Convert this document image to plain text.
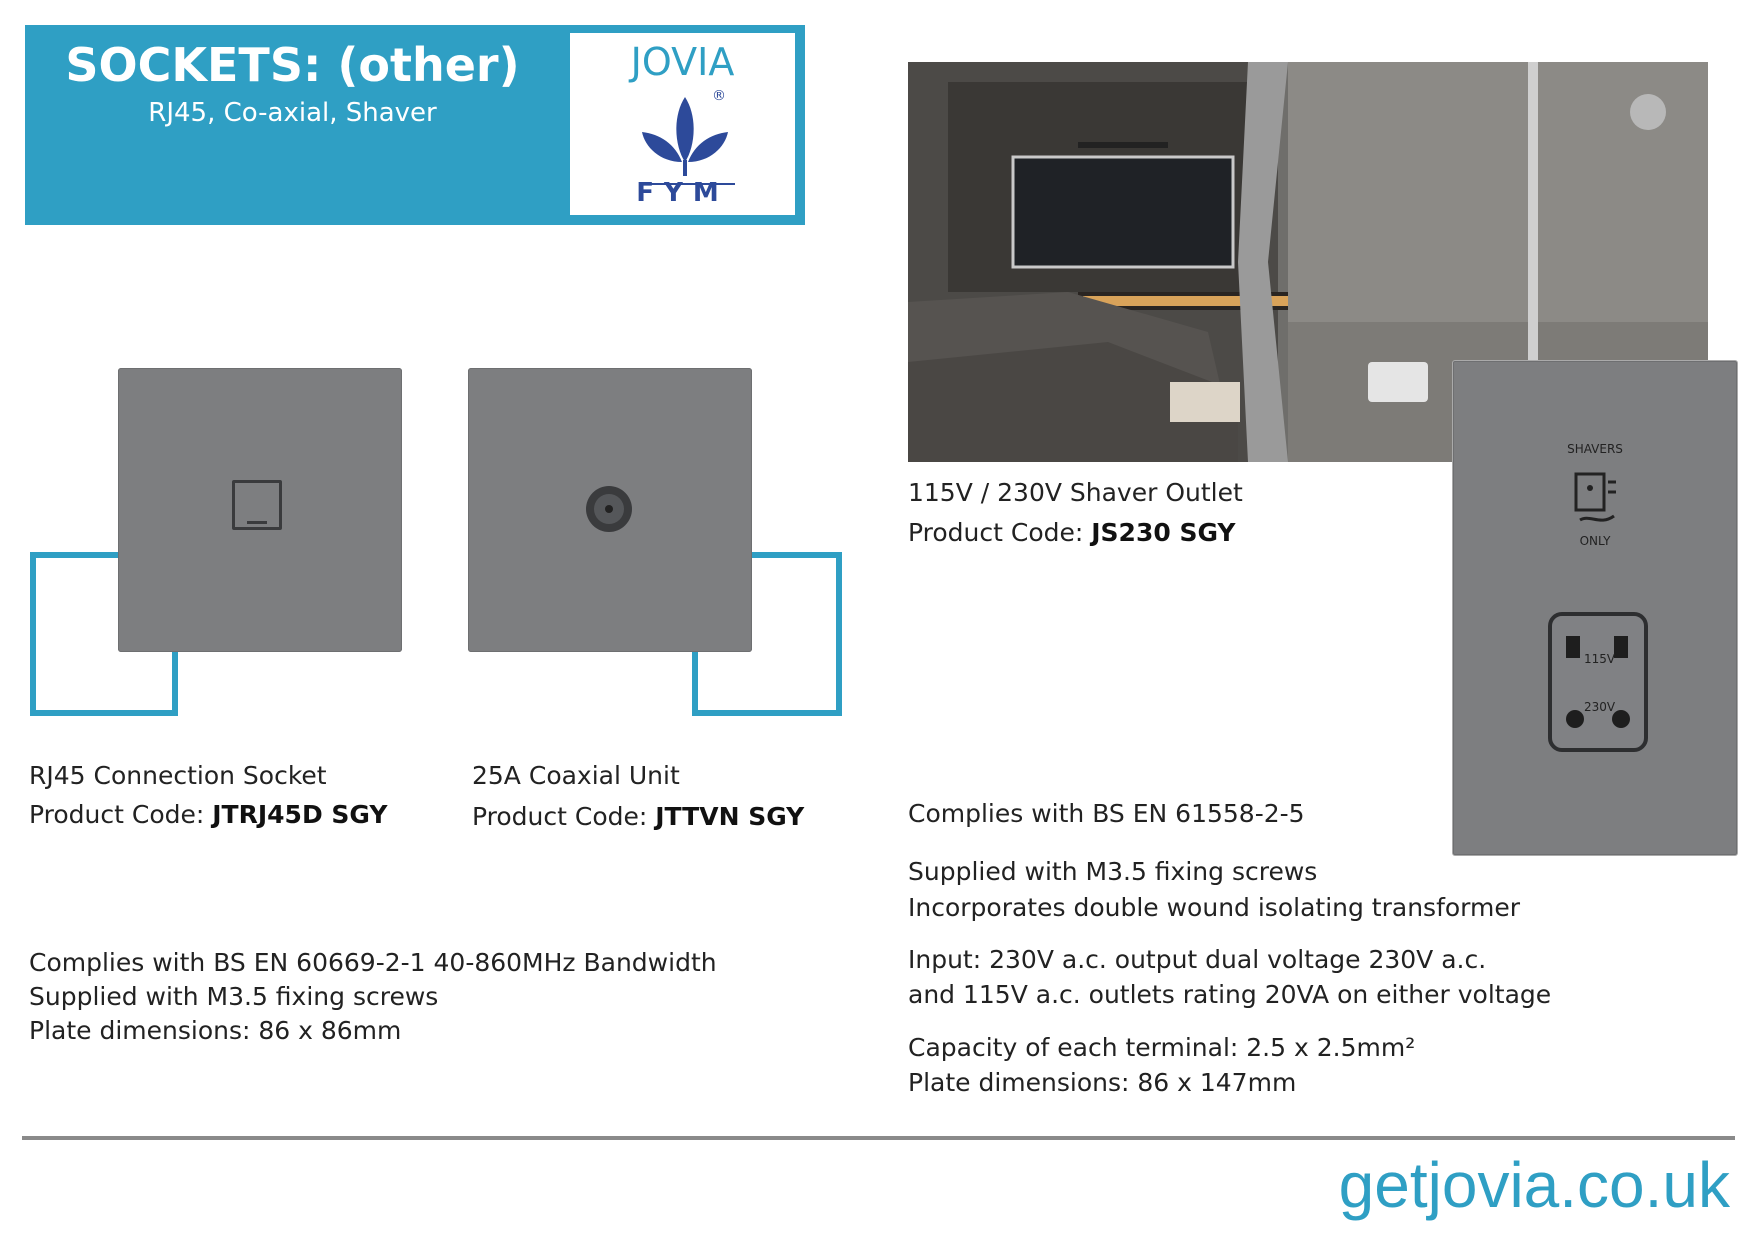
SOCKETS: (other)
RJ45, Co-axial, Shaver
JOVIA
®
FYM
SHAVERS
ONLY
115V
230V
115V / 230V Shaver Outlet
Product Code: JS230 SGY
RJ45 Connection Socket
Product Code: JTRJ45D SGY
25A Coaxial Unit
Product Code: JTTVN SGY
Complies with BS EN 60669-2-1 40-860MHz Bandwidth
Supplied with M3.5 fixing screws
Plate dimensions: 86 x 86mm
Complies with BS EN 61558-2-5
Supplied with M3.5 fixing screws
Incorporates double wound isolating transformer
Input: 230V a.c. output dual voltage 230V a.c.
and 115V a.c. outlets rating 20VA on either voltage
Capacity of each terminal: 2.5 x 2.5mm²
Plate dimensions: 86 x 147mm
getjovia.co.uk
